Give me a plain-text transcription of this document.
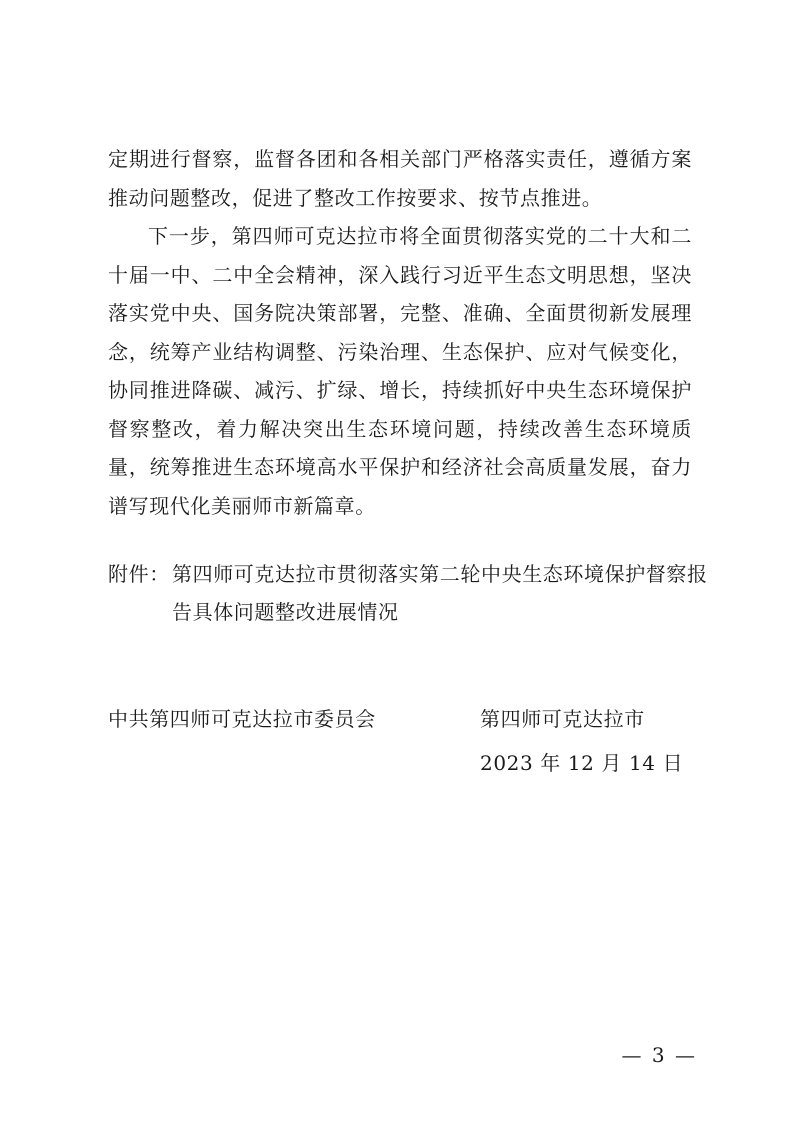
定期进行督察，监督各团和各相关部门严格落实责任，遵循方案推动问题整改，促进了整改工作按要求、按节点推进。

下一步，第四师可克达拉市将全面贯彻落实党的二十大和二十届一中、二中全会精神，深入践行习近平生态文明思想，坚决落实党中央、国务院决策部署，完整、准确、全面贯彻新发展理念，统筹产业结构调整、污染治理、生态保护、应对气候变化，协同推进降碳、减污、扩绿、增长，持续抓好中央生态环境保护督察整改，着力解决突出生态环境问题，持续改善生态环境质量，统筹推进生态环境高水平保护和经济社会高质量发展，奋力谱写现代化美丽师市新篇章。

附件： 第四师可克达拉市贯彻落实第二轮中央生态环境保护督察报告具体问题整改进展情况
中共第四师可克达拉市委员会	第四师可克达拉市
2023 年 12 月 14 日
— 3 —
